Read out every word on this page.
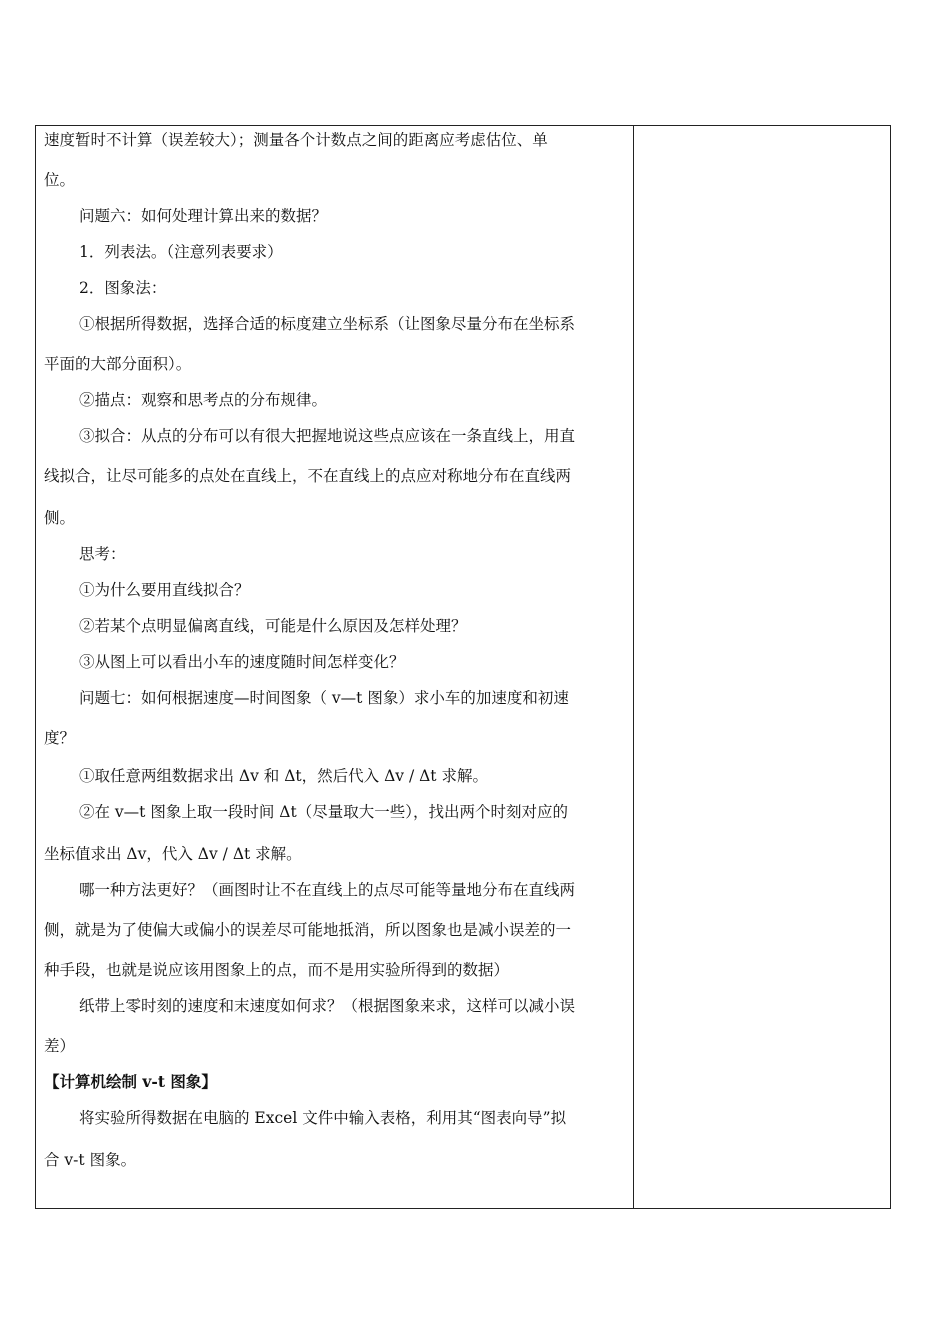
速度暂时不计算（误差较大）；测量各个计数点之间的距离应考虑估位、单
位。
问题六：如何处理计算出来的数据？
1．列表法。（注意列表要求）
2．图象法：
①根据所得数据，选择合适的标度建立坐标系（让图象尽量分布在坐标系
平面的大部分面积）。
②描点：观察和思考点的分布规律。
③拟合：从点的分布可以有很大把握地说这些点应该在一条直线上，用直
线拟合，让尽可能多的点处在直线上，不在直线上的点应对称地分布在直线两
侧。
思考：
①为什么要用直线拟合？
②若某个点明显偏离直线，可能是什么原因及怎样处理？
③从图上可以看出小车的速度随时间怎样变化？
问题七：如何根据速度—时间图象（ v—t 图象）求小车的加速度和初速
度？
①取任意两组数据求出 Δv 和 Δt，然后代入 Δv / Δt 求解。
②在 v—t 图象上取一段时间 Δt（尽量取大一些），找出两个时刻对应的
坐标值求出 Δv，代入 Δv / Δt 求解。
哪一种方法更好？（画图时让不在直线上的点尽可能等量地分布在直线两
侧，就是为了使偏大或偏小的误差尽可能地抵消，所以图象也是减小误差的一
种手段，也就是说应该用图象上的点，而不是用实验所得到的数据）
纸带上零时刻的速度和末速度如何求？（根据图象来求，这样可以减小误
差）
【计算机绘制 v-t 图象】
将实验所得数据在电脑的 Excel 文件中输入表格，利用其“图表向导”拟
合 v-t 图象。
